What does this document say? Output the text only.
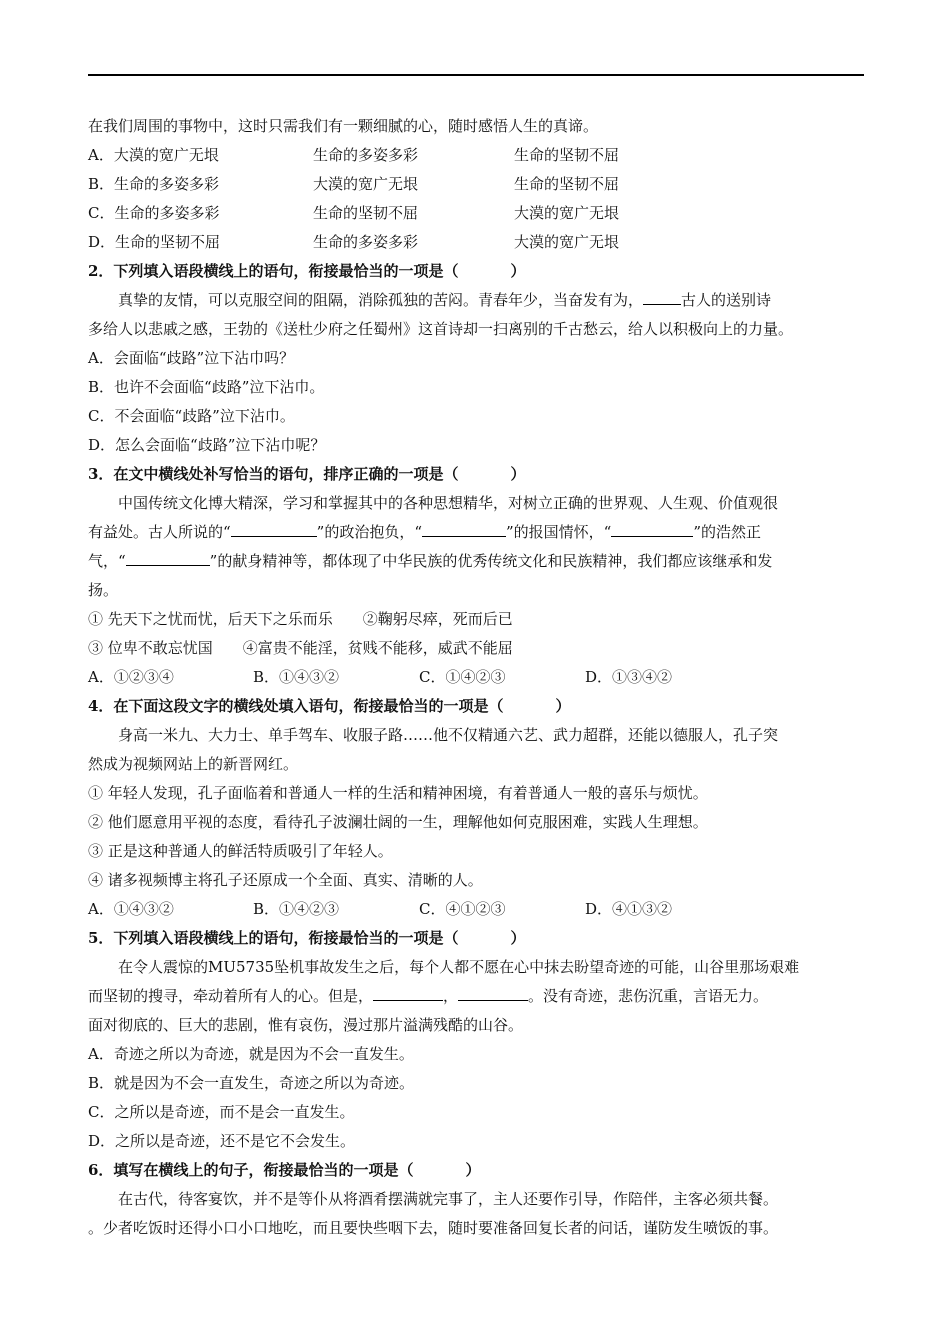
在我们周围的事物中，这时只需我们有一颗细腻的心，随时感悟人生的真谛。
A．大漠的宽广无垠	生命的多姿多彩	生命的坚韧不屈
B．生命的多姿多彩	大漠的宽广无垠	生命的坚韧不屈
C．生命的多姿多彩	生命的坚韧不屈	大漠的宽广无垠
D．生命的坚韧不屈	生命的多姿多彩	大漠的宽广无垠
2．下列填入语段横线上的语句，衔接最恰当的一项是（	）
真挚的友情，可以克服空间的阻隔，消除孤独的苦闷。青春年少，当奋发有为，	古人的送别诗
多给人以悲戚之感，王勃的《送杜少府之任蜀州》这首诗却一扫离别的千古愁云，给人以积极向上的力量。
A．会面临“歧路”泣下沾巾吗？
B．也许不会面临“歧路”泣下沾巾。
C．不会面临“歧路”泣下沾巾。
D．怎么会面临“歧路”泣下沾巾呢？
3．在文中横线处补写恰当的语句，排序正确的一项是（	）
中国传统文化博大精深，学习和掌握其中的各种思想精华，对树立正确的世界观、人生观、价值观很
有益处。古人所说的“	”的政治抱负，“	”的报国情怀，“	”的浩然正
气，“	”的献身精神等，都体现了中华民族的优秀传统文化和民族精神，我们都应该继承和发
扬。
① 先天下之忧而忧，后天下之乐而乐 ②鞠躬尽瘁，死而后已
③ 位卑不敢忘忧国 ④富贵不能淫，贫贱不能移，威武不能屈
A．①②③④	B．①④③②	C．①④②③	D．①③④②
4．在下面这段文字的横线处填入语句，衔接最恰当的一项是（	）
身高一米九、大力士、单手驾车、收服子路……他不仅精通六艺、武力超群，还能以德服人，孔子突
然成为视频网站上的新晋网红。
① 年轻人发现，孔子面临着和普通人一样的生活和精神困境，有着普通人一般的喜乐与烦忧。
② 他们愿意用平视的态度，看待孔子波澜壮阔的一生，理解他如何克服困难，实践人生理想。
③ 正是这种普通人的鲜活特质吸引了年轻人。
④ 诸多视频博主将孔子还原成一个全面、真实、清晰的人。
A．①④③②	B．①④②③	C．④①②③	D．④①③②
5．下列填入语段横线上的语句，衔接最恰当的一项是（	）
在令人震惊的MU5735坠机事故发生之后，每个人都不愿在心中抹去盼望奇迹的可能，山谷里那场艰难
而坚韧的搜寻，牵动着所有人的心。但是，	，	。没有奇迹，悲伤沉重，言语无力。
面对彻底的、巨大的悲剧，惟有哀伤，漫过那片溢满残酷的山谷。
A．奇迹之所以为奇迹，就是因为不会一直发生。
B．就是因为不会一直发生，奇迹之所以为奇迹。
C．之所以是奇迹，而不是会一直发生。
D．之所以是奇迹，还不是它不会发生。
6．填写在横线上的句子，衔接最恰当的一项是（	）
在古代，待客宴饮，并不是等仆从将酒肴摆满就完事了，主人还要作引导，作陪伴，主客必须共餐。
。少者吃饭时还得小口小口地吃，而且要快些咽下去，随时要准备回复长者的问话，谨防发生喷饭的事。
